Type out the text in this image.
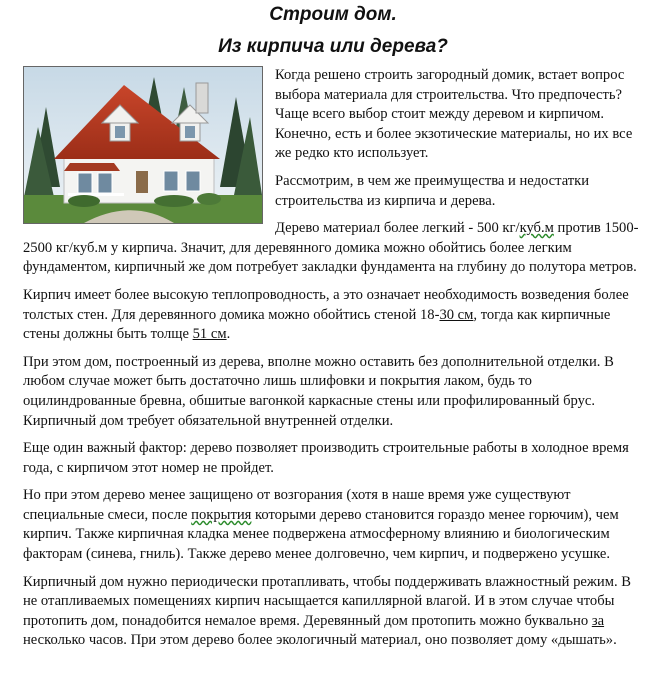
Строим дом.
Из кирпича или дерева?

Когда решено строить загородный домик, встает вопрос выбора материала для строительства. Что предпочесть? Чаще всего выбор стоит между деревом и кирпичом. Конечно, есть и более экзотические материалы, но их все же редко кто использует.

Рассмотрим, в чем же преимущества и недостатки строительства из кирпича и дерева.

Дерево материал более легкий - 500 кг/куб.м против 1500-2500 кг/куб.м у кирпича. Значит, для деревянного домика можно обойтись более легким фундаментом, кирпичный же дом потребует закладки фундамента на глубину до полутора метров.

Кирпич имеет более высокую теплопроводность, а это означает необходимость возведения более толстых стен. Для деревянного домика можно обойтись стеной 18-30 см, тогда как кирпичные стены должны быть толще 51 см.

При этом дом, построенный из дерева, вполне можно оставить без дополнительной отделки. В любом случае может быть достаточно лишь шлифовки и покрытия лаком, будь то оцилиндрованные бревна, обшитые вагонкой каркасные стены или профилированный брус. Кирпичный дом требует обязательной внутренней отделки.

Еще один важный фактор: дерево позволяет производить строительные работы в холодное время года, с кирпичом этот номер не пройдет.

Но при этом дерево менее защищено от возгорания (хотя в наше время уже существуют специальные смеси, после покрытия которыми дерево становится гораздо менее горючим), чем кирпич. Также кирпичная кладка менее подвержена атмосферному влиянию и биологическим факторам (синева, гниль). Также дерево менее долговечно, чем кирпич, и подвержено усушке.

Кирпичный дом нужно периодически протапливать, чтобы поддерживать влажностный режим. В не отапливаемых помещениях кирпич насыщается капиллярной влагой. И в этом случае чтобы протопить дом, понадобится немалое время. Деревянный дом протопить можно буквально за несколько часов. При этом дерево более экологичный материал, оно позволяет дому «дышать».
